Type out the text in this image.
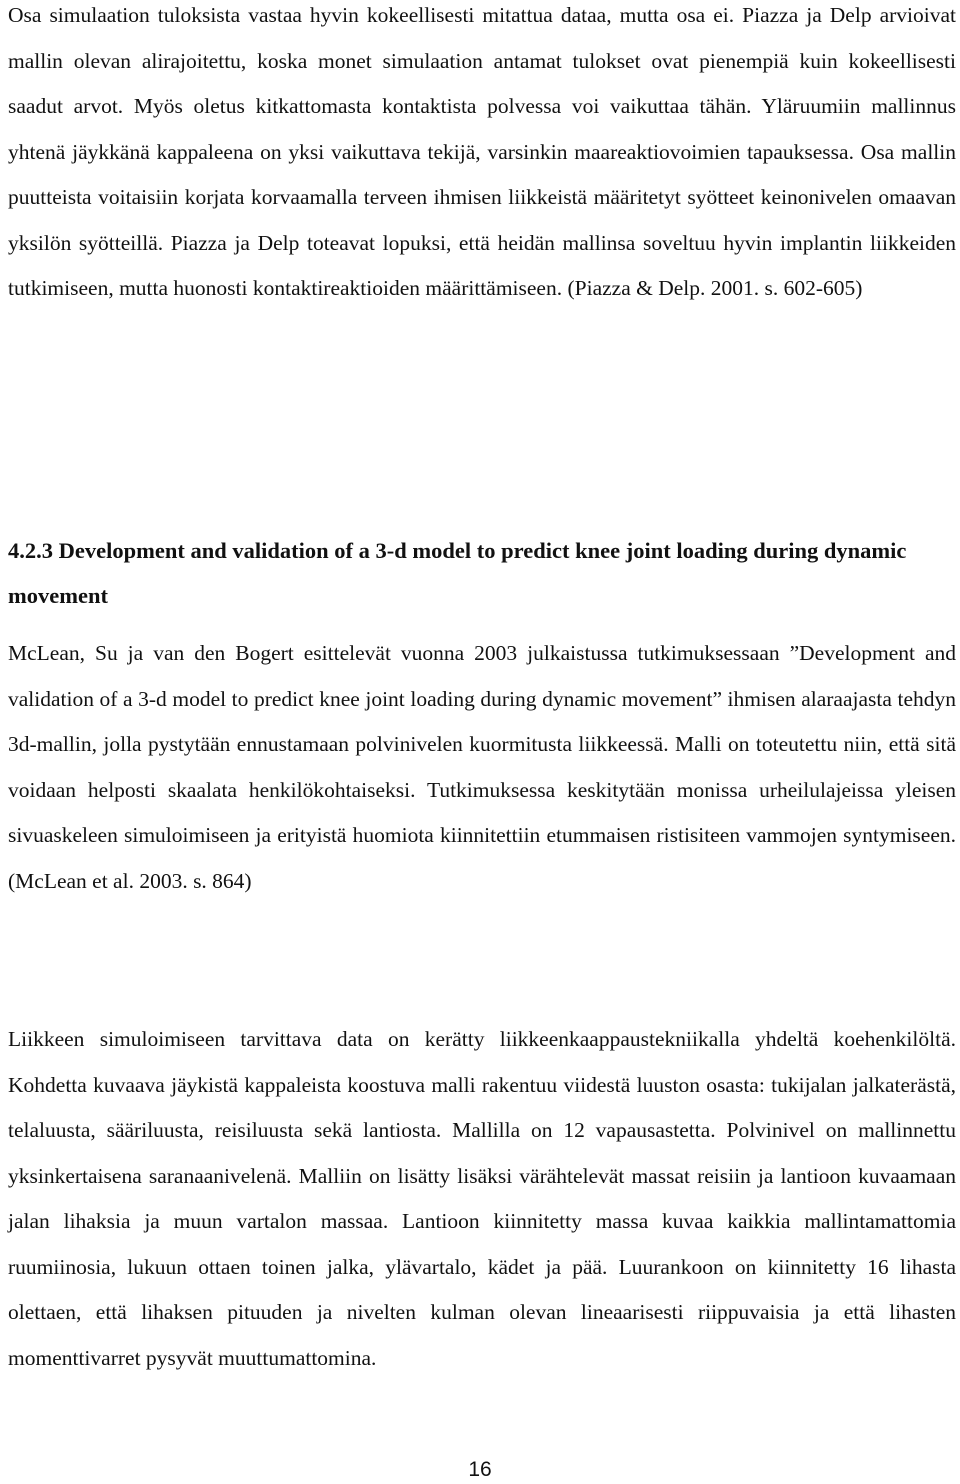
Osa simulaation tuloksista vastaa hyvin kokeellisesti mitattua dataa, mutta osa ei. Piazza ja Delp arvioivat mallin olevan alirajoitettu, koska monet simulaation antamat tulokset ovat pienempiä kuin kokeellisesti saadut arvot. Myös oletus kitkattomasta kontaktista polvessa voi vaikuttaa tähän. Yläruumiin mallinnus yhtenä jäykkänä kappaleena on yksi vaikuttava tekijä, varsinkin maareaktiovoimien tapauksessa. Osa mallin puutteista voitaisiin korjata korvaamalla terveen ihmisen liikkeistä määritetyt syötteet keinonivelen omaavan yksilön syötteillä. Piazza ja Delp toteavat lopuksi, että heidän mallinsa soveltuu hyvin implantin liikkeiden tutkimiseen, mutta huonosti kontaktireaktioiden määrittämiseen. (Piazza & Delp. 2001. s. 602-605)

4.2.3 Development and validation of a 3-d model to predict knee joint loading during dynamic movement

McLean, Su ja van den Bogert esittelevät vuonna 2003 julkaistussa tutkimuksessaan ”Development and validation of a 3-d model to predict knee joint loading during dynamic movement” ihmisen alaraajasta tehdyn 3d-mallin, jolla pystytään ennustamaan polvinivelen kuormitusta liikkeessä. Malli on toteutettu niin, että sitä voidaan helposti skaalata henkilökohtaiseksi. Tutkimuksessa keskitytään monissa urheilulajeissa yleisen sivuaskeleen simuloimiseen ja erityistä huomiota kiinnitettiin etummaisen ristisiteen vammojen syntymiseen. (McLean et al. 2003. s. 864)

Liikkeen simuloimiseen tarvittava data on kerätty liikkeenkaappaustekniikalla yhdeltä koehenkilöltä. Kohdetta kuvaava jäykistä kappaleista koostuva malli rakentuu viidestä luuston osasta: tukijalan jalkaterästä, telaluusta, sääriluusta, reisiluusta sekä lantiosta. Mallilla on 12 vapausastetta. Polvinivel on mallinnettu yksinkertaisena saranaanivelenä. Malliin on lisätty lisäksi värähtelevät massat reisiin ja lantioon kuvaamaan jalan lihaksia ja muun vartalon massaa. Lantioon kiinnitetty massa kuvaa kaikkia mallintamattomia ruumiinosia, lukuun ottaen toinen jalka, ylävartalo, kädet ja pää. Luurankoon on kiinnitetty 16 lihasta olettaen, että lihaksen pituuden ja nivelten kulman olevan lineaarisesti riippuvaisia ja että lihasten momenttivarret pysyvät muuttumattomina.

16
